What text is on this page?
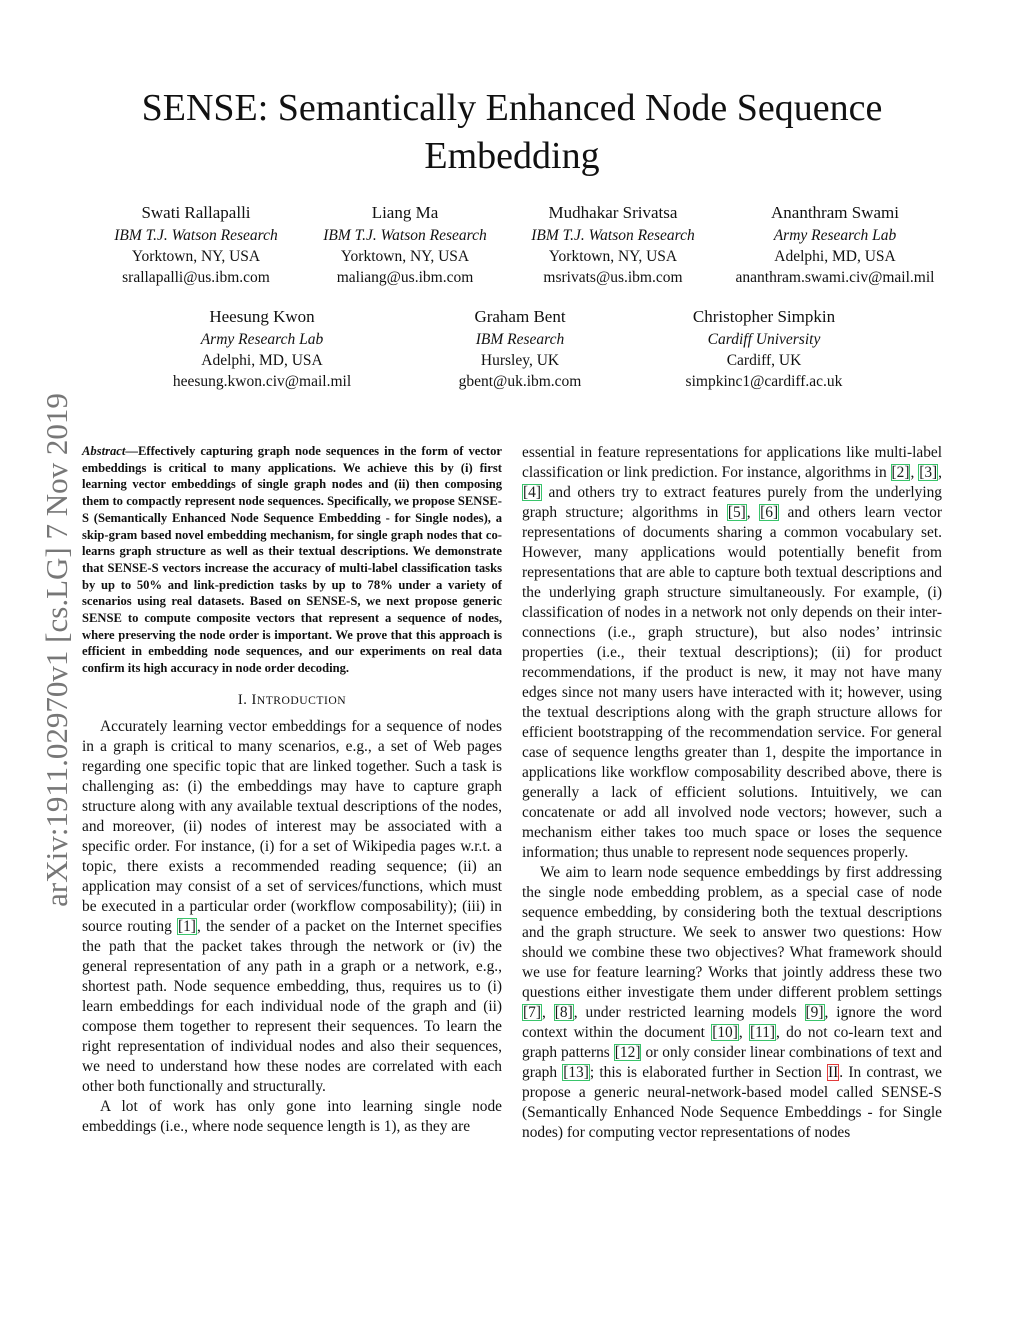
SENSE: Semantically Enhanced Node Sequence Embedding
arXiv:1911.02970v1 [cs.LG] 7 Nov 2019
Swati Rallapalli
IBM T.J. Watson Research
Yorktown, NY, USA
srallapalli@us.ibm.com
Liang Ma
IBM T.J. Watson Research
Yorktown, NY, USA
maliang@us.ibm.com
Mudhakar Srivatsa
IBM T.J. Watson Research
Yorktown, NY, USA
msrivats@us.ibm.com
Ananthram Swami
Army Research Lab
Adelphi, MD, USA
ananthram.swami.civ@mail.mil
Heesung Kwon
Army Research Lab
Adelphi, MD, USA
heesung.kwon.civ@mail.mil
Graham Bent
IBM Research
Hursley, UK
gbent@uk.ibm.com
Christopher Simpkin
Cardiff University
Cardiff, UK
simpkinc1@cardiff.ac.uk

Abstract—Effectively capturing graph node sequences in the form of vector embeddings is critical to many applications. We achieve this by (i) first learning vector embeddings of single graph nodes and (ii) then composing them to compactly represent node sequences. Specifically, we propose SENSE-S (Semantically Enhanced Node Sequence Embedding - for Single nodes), a skip-gram based novel embedding mechanism, for single graph nodes that co-learns graph structure as well as their textual descriptions. We demonstrate that SENSE-S vectors increase the accuracy of multi-label classification tasks by up to 50% and link-prediction tasks by up to 78% under a variety of scenarios using real datasets. Based on SENSE-S, we next propose generic SENSE to compute composite vectors that represent a sequence of nodes, where preserving the node order is important. We prove that this approach is efficient in embedding node sequences, and our experiments on real data confirm its high accuracy in node order decoding.

I. INTRODUCTION

Accurately learning vector embeddings for a sequence of nodes in a graph is critical to many scenarios, e.g., a set of Web pages regarding one specific topic that are linked together. Such a task is challenging as: (i) the embeddings may have to capture graph structure along with any available textual descriptions of the nodes, and moreover, (ii) nodes of interest may be associated with a specific order. For instance, (i) for a set of Wikipedia pages w.r.t. a topic, there exists a recommended reading sequence; (ii) an application may consist of a set of services/functions, which must be executed in a particular order (workflow composability); (iii) in source routing [1], the sender of a packet on the Internet specifies the path that the packet takes through the network or (iv) the general representation of any path in a graph or a network, e.g., shortest path. Node sequence embedding, thus, requires us to (i) learn embeddings for each individual node of the graph and (ii) compose them together to represent their sequences. To learn the right representation of individual nodes and also their sequences, we need to understand how these nodes are correlated with each other both functionally and structurally.

A lot of work has only gone into learning single node embeddings (i.e., where node sequence length is 1), as they are

essential in feature representations for applications like multi-label classification or link prediction. For instance, algorithms in [2], [3], [4] and others try to extract features purely from the underlying graph structure; algorithms in [5], [6] and others learn vector representations of documents sharing a common vocabulary set. However, many applications would potentially benefit from representations that are able to capture both textual descriptions and the underlying graph structure simultaneously. For example, (i) classification of nodes in a network not only depends on their inter-connections (i.e., graph structure), but also nodes’ intrinsic properties (i.e., their textual descriptions); (ii) for product recommendations, if the product is new, it may not have many edges since not many users have interacted with it; however, using the textual descriptions along with the graph structure allows for efficient bootstrapping of the recommendation service. For general case of sequence lengths greater than 1, despite the importance in applications like workflow composability described above, there is generally a lack of efficient solutions. Intuitively, we can concatenate or add all involved node vectors; however, such a mechanism either takes too much space or loses the sequence information; thus unable to represent node sequences properly.

We aim to learn node sequence embeddings by first addressing the single node embedding problem, as a special case of node sequence embedding, by considering both the textual descriptions and the graph structure. We seek to answer two questions: How should we combine these two objectives? What framework should we use for feature learning? Works that jointly address these two questions either investigate them under different problem settings [7], [8], under restricted learning models [9], ignore the word context within the document [10], [11], do not co-learn text and graph patterns [12] or only consider linear combinations of text and graph [13]; this is elaborated further in Section II. In contrast, we propose a generic neural-network-based model called SENSE-S (Semantically Enhanced Node Sequence Embeddings - for Single nodes) for computing vector representations of nodes
